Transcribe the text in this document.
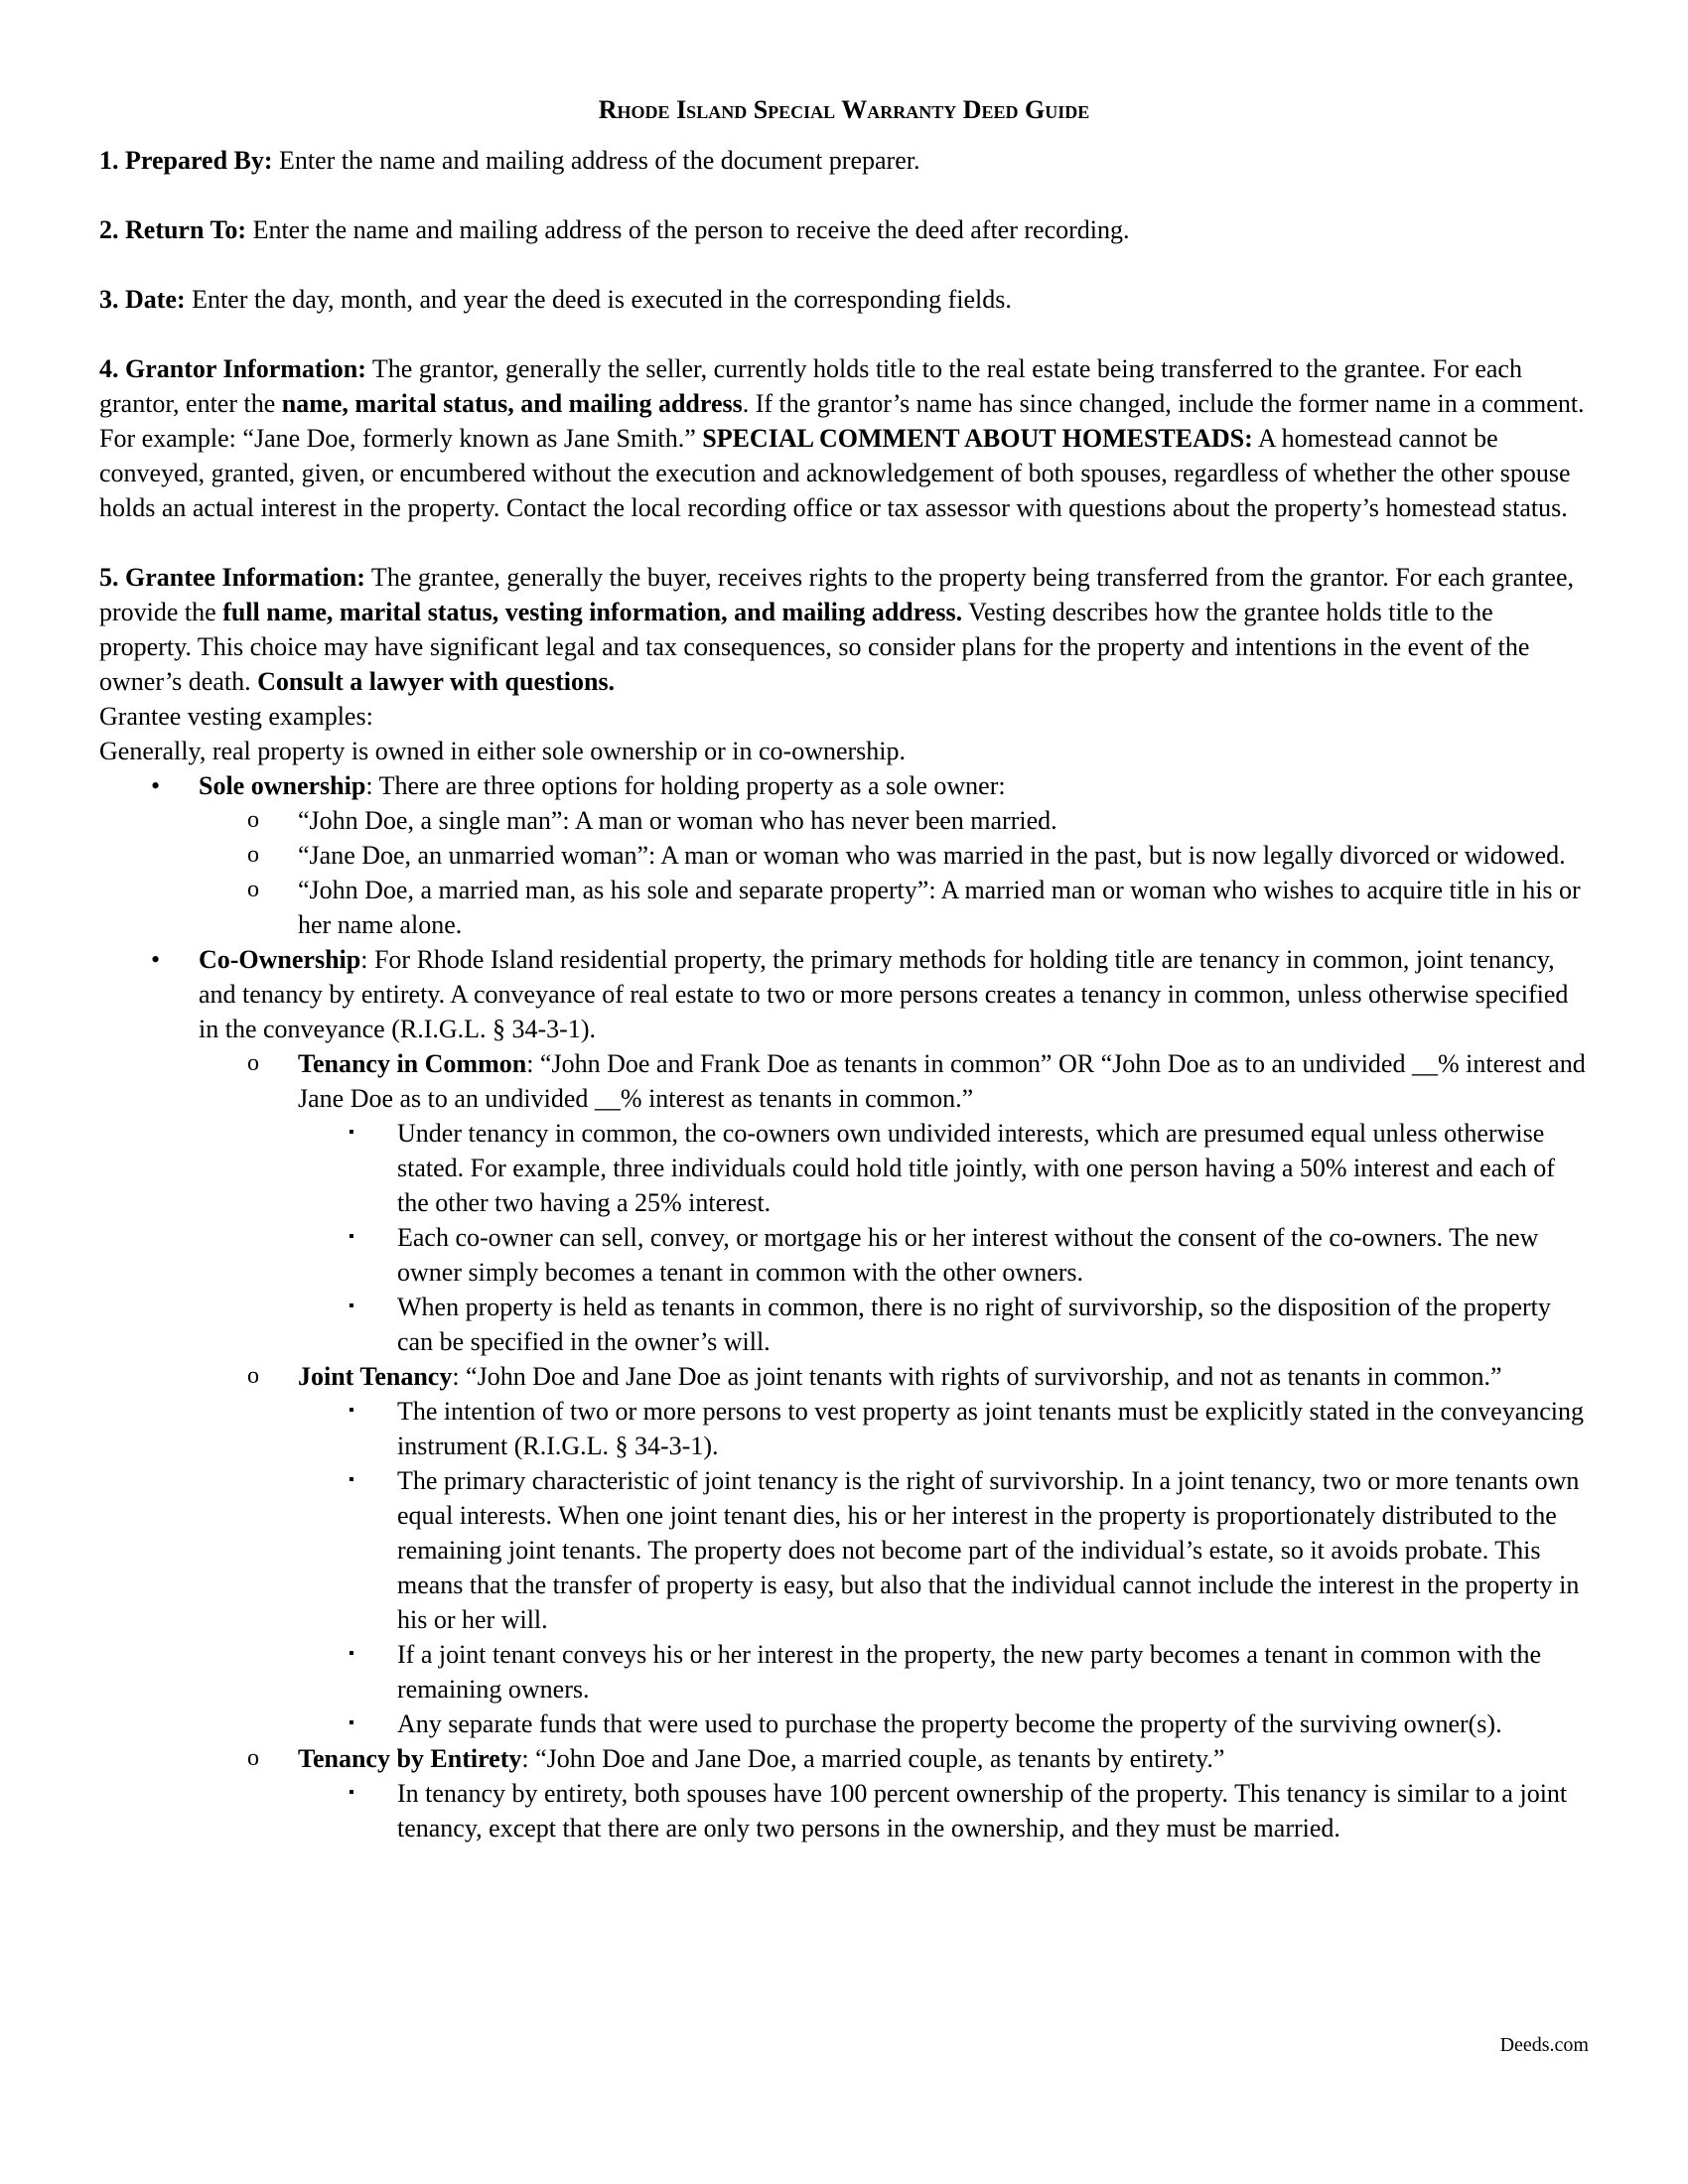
Rhode Island Special Warranty Deed Guide

1. Prepared By: Enter the name and mailing address of the document preparer.

2. Return To: Enter the name and mailing address of the person to receive the deed after recording.

3. Date: Enter the day, month, and year the deed is executed in the corresponding fields.

4. Grantor Information: The grantor, generally the seller, currently holds title to the real estate being transferred to the grantee. For each grantor, enter the name, marital status, and mailing address. If the grantor’s name has since changed, include the former name in a comment. For example: “Jane Doe, formerly known as Jane Smith.” SPECIAL COMMENT ABOUT HOMESTEADS: A homestead cannot be conveyed, granted, given, or encumbered without the execution and acknowledgement of both spouses, regardless of whether the other spouse holds an actual interest in the property. Contact the local recording office or tax assessor with questions about the property’s homestead status.

5. Grantee Information: The grantee, generally the buyer, receives rights to the property being transferred from the grantor. For each grantee, provide the full name, marital status, vesting information, and mailing address. Vesting describes how the grantee holds title to the property. This choice may have significant legal and tax consequences, so consider plans for the property and intentions in the event of the owner’s death. Consult a lawyer with questions.

Grantee vesting examples:
Generally, real property is owned in either sole ownership or in co-ownership.
• Sole ownership: There are three options for holding property as a sole owner:
o “John Doe, a single man”: A man or woman who has never been married.
o “Jane Doe, an unmarried woman”: A man or woman who was married in the past, but is now legally divorced or widowed.
o “John Doe, a married man, as his sole and separate property”: A married man or woman who wishes to acquire title in his or her name alone.
• Co-Ownership: For Rhode Island residential property, the primary methods for holding title are tenancy in common, joint tenancy, and tenancy by entirety. A conveyance of real estate to two or more persons creates a tenancy in common, unless otherwise specified in the conveyance (R.I.G.L. § 34-3-1).
o Tenancy in Common: “John Doe and Frank Doe as tenants in common” OR “John Doe as to an undivided __% interest and Jane Doe as to an undivided __% interest as tenants in common.”
▪ Under tenancy in common, the co-owners own undivided interests, which are presumed equal unless otherwise stated. For example, three individuals could hold title jointly, with one person having a 50% interest and each of the other two having a 25% interest.
▪ Each co-owner can sell, convey, or mortgage his or her interest without the consent of the co-owners. The new owner simply becomes a tenant in common with the other owners.
▪ When property is held as tenants in common, there is no right of survivorship, so the disposition of the property can be specified in the owner’s will.
o Joint Tenancy: “John Doe and Jane Doe as joint tenants with rights of survivorship, and not as tenants in common.”
▪ The intention of two or more persons to vest property as joint tenants must be explicitly stated in the conveyancing instrument (R.I.G.L. § 34-3-1).
▪ The primary characteristic of joint tenancy is the right of survivorship. In a joint tenancy, two or more tenants own equal interests. When one joint tenant dies, his or her interest in the property is proportionately distributed to the remaining joint tenants. The property does not become part of the individual’s estate, so it avoids probate. This means that the transfer of property is easy, but also that the individual cannot include the interest in the property in his or her will.
▪ If a joint tenant conveys his or her interest in the property, the new party becomes a tenant in common with the remaining owners.
▪ Any separate funds that were used to purchase the property become the property of the surviving owner(s).
o Tenancy by Entirety: “John Doe and Jane Doe, a married couple, as tenants by entirety.”
▪ In tenancy by entirety, both spouses have 100 percent ownership of the property. This tenancy is similar to a joint tenancy, except that there are only two persons in the ownership, and they must be married.
Deeds.com
